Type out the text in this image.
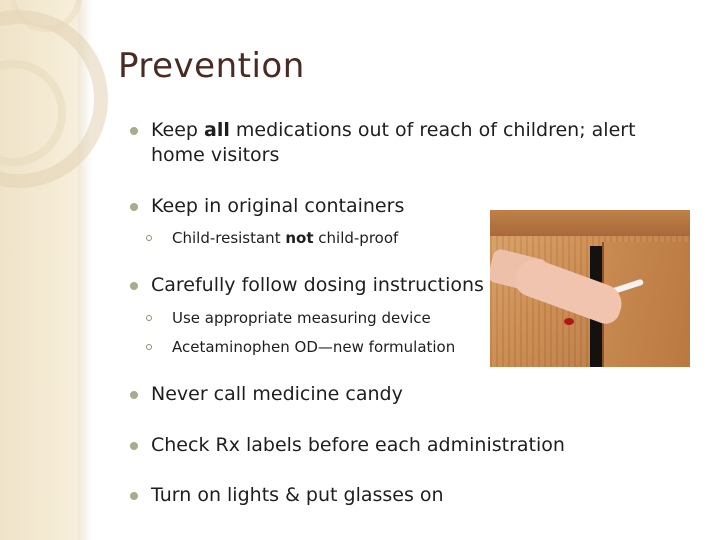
Prevention
Keep all medications out of reach of children; alert home visitors
Keep in original containers
Child-resistant not child-proof
Carefully follow dosing instructions
Use appropriate measuring device
Acetaminophen OD—new formulation
Never call medicine candy
Check Rx labels before each administration
Turn on lights & put glasses on
